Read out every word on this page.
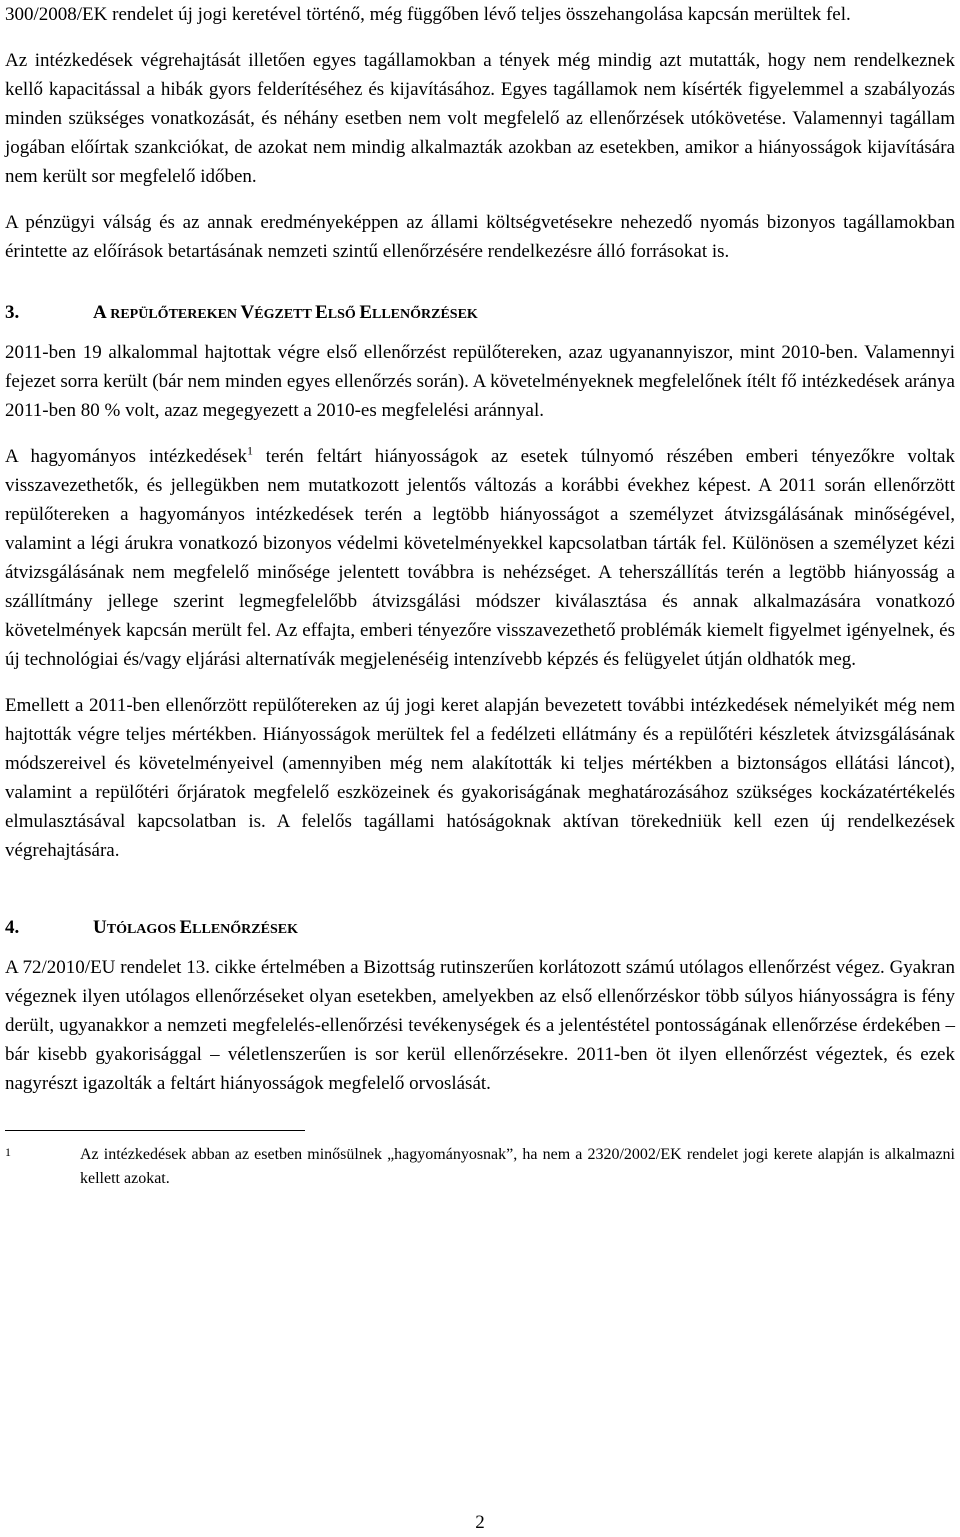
300/2008/EK rendelet új jogi keretével történő, még függőben lévő teljes összehangolása kapcsán merültek fel.

Az intézkedések végrehajtását illetően egyes tagállamokban a tények még mindig azt mutatták, hogy nem rendelkeznek kellő kapacitással a hibák gyors felderítéséhez és kijavításához. Egyes tagállamok nem kísérték figyelemmel a szabályozás minden szükséges vonatkozását, és néhány esetben nem volt megfelelő az ellenőrzések utókövetése. Valamennyi tagállam jogában előírtak szankciókat, de azokat nem mindig alkalmazták azokban az esetekben, amikor a hiányosságok kijavítására nem került sor megfelelő időben.

A pénzügyi válság és az annak eredményeképpen az állami költségvetésekre nehezedő nyomás bizonyos tagállamokban érintette az előírások betartásának nemzeti szintű ellenőrzésére rendelkezésre álló forrásokat is.

3.	A REPÜLŐTEREKEN VÉGZETT ELSŐ ELLENŐRZÉSEK

2011-ben 19 alkalommal hajtottak végre első ellenőrzést repülőtereken, azaz ugyanannyiszor, mint 2010-ben. Valamennyi fejezet sorra került (bár nem minden egyes ellenőrzés során). A követelményeknek megfelelőnek ítélt fő intézkedések aránya 2011-ben 80 % volt, azaz megegyezett a 2010-es megfelelési aránnyal.

A hagyományos intézkedések$^1$ terén feltárt hiányosságok az esetek túlnyomó részében emberi tényezőkre voltak visszavezethetők, és jellegükben nem mutatkozott jelentős változás a korábbi évekhez képest. A 2011 során ellenőrzött repülőtereken a hagyományos intézkedések terén a legtöbb hiányosságot a személyzet átvizsgálásának minőségével, valamint a légi árukra vonatkozó bizonyos védelmi követelményekkel kapcsolatban tárták fel. Különösen a személyzet kézi átvizsgálásának nem megfelelő minősége jelentett továbbra is nehézséget. A teherszállítás terén a legtöbb hiányosság a szállítmány jellege szerint legmegfelelőbb átvizsgálási módszer kiválasztása és annak alkalmazására vonatkozó követelmények kapcsán merült fel. Az effajta, emberi tényezőre visszavezethető problémák kiemelt figyelmet igényelnek, és új technológiai és/vagy eljárási alternatívák megjelenéséig intenzívebb képzés és felügyelet útján oldhatók meg.

Emellett a 2011-ben ellenőrzött repülőtereken az új jogi keret alapján bevezetett további intézkedések némelyikét még nem hajtották végre teljes mértékben. Hiányosságok merültek fel a fedélzeti ellátmány és a repülőtéri készletek átvizsgálásának módszereivel és követelményeivel (amennyiben még nem alakították ki teljes mértékben a biztonságos ellátási láncot), valamint a repülőtéri őrjáratok megfelelő eszközeinek és gyakoriságának meghatározásához szükséges kockázatértékelés elmulasztásával kapcsolatban is. A felelős tagállami hatóságoknak aktívan törekedniük kell ezen új rendelkezések végrehajtására.

4.	UTÓLAGOS ELLENŐRZÉSEK

A 72/2010/EU rendelet 13. cikke értelmében a Bizottság rutinszerűen korlátozott számú utólagos ellenőrzést végez. Gyakran végeznek ilyen utólagos ellenőrzéseket olyan esetekben, amelyekben az első ellenőrzéskor több súlyos hiányosságra is fény derült, ugyanakkor a nemzeti megfelelés-ellenőrzési tevékenységek és a jelentéstétel pontosságának ellenőrzése érdekében – bár kisebb gyakorisággal – véletlenszerűen is sor kerül ellenőrzésekre. 2011-ben öt ilyen ellenőrzést végeztek, és ezek nagyrészt igazolták a feltárt hiányosságok megfelelő orvoslását.

1	Az intézkedések abban az esetben minősülnek „hagyományosnak”, ha nem a 2320/2002/EK rendelet jogi kerete alapján is alkalmazni kellett azokat.
2
